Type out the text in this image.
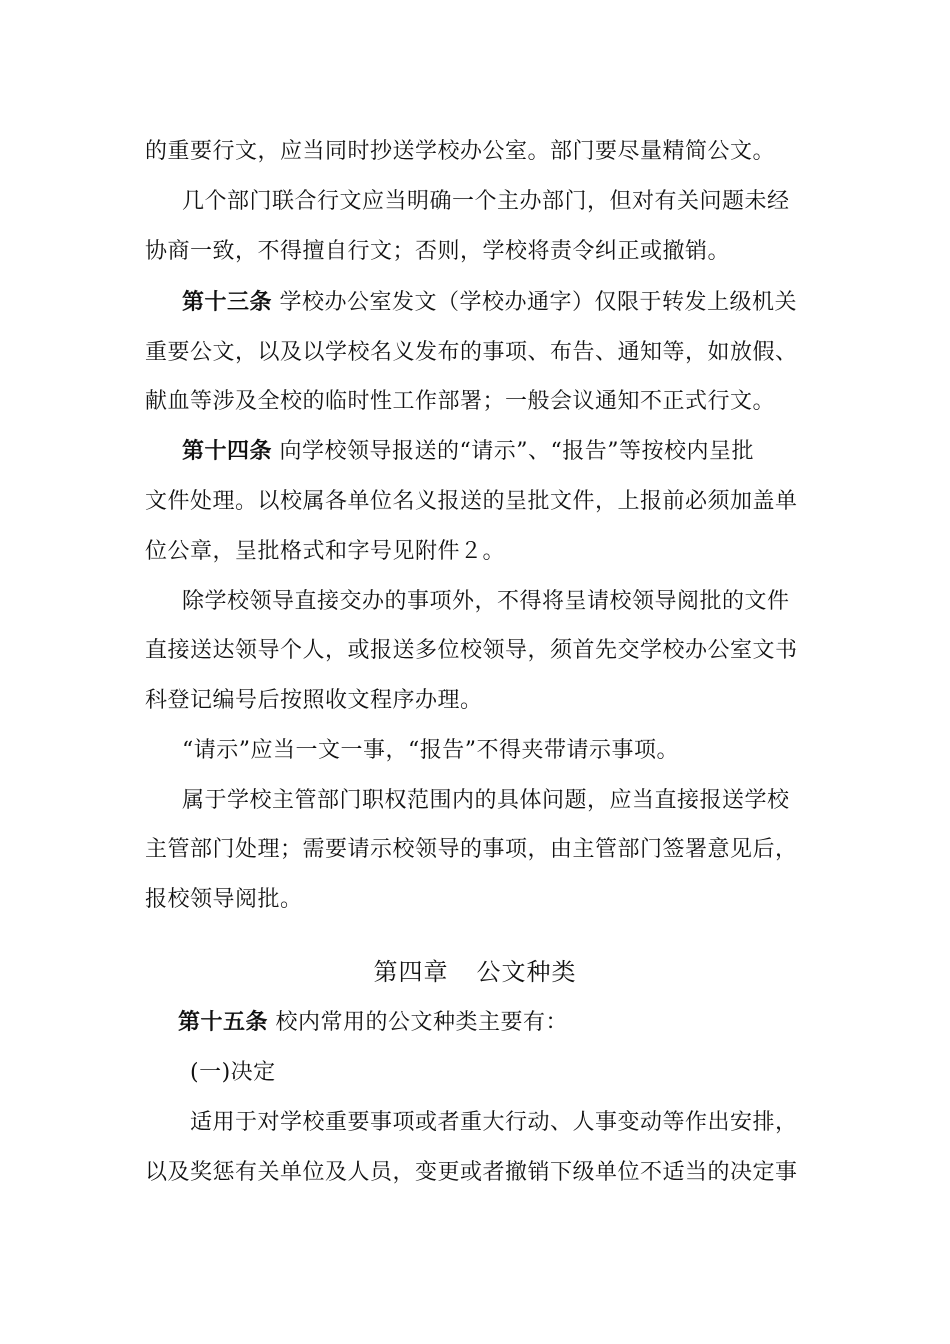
的重要行文，应当同时抄送学校办公室。部门要尽量精简公文。
几个部门联合行文应当明确一个主办部门，但对有关问题未经
协商一致，不得擅自行文；否则，学校将责令纠正或撤销。
第十三条 学校办公室发文（学校办通字）仅限于转发上级机关
重要公文，以及以学校名义发布的事项、布告、通知等，如放假、
献血等涉及全校的临时性工作部署；一般会议通知不正式行文。
第十四条 向学校领导报送的“请示”、“报告”等按校内呈批
文件处理。以校属各单位名义报送的呈批文件，上报前必须加盖单
位公章，呈批格式和字号见附件２。
除学校领导直接交办的事项外，不得将呈请校领导阅批的文件
直接送达领导个人，或报送多位校领导，须首先交学校办公室文书
科登记编号后按照收文程序办理。
“请示”应当一文一事，“报告”不得夹带请示事项。
属于学校主管部门职权范围内的具体问题，应当直接报送学校
主管部门处理；需要请示校领导的事项，由主管部门签署意见后，
报校领导阅批。
第四章 公文种类
第十五条 校内常用的公文种类主要有：
(一)决定
适用于对学校重要事项或者重大行动、人事变动等作出安排，
以及奖惩有关单位及人员，变更或者撤销下级单位不适当的决定事
